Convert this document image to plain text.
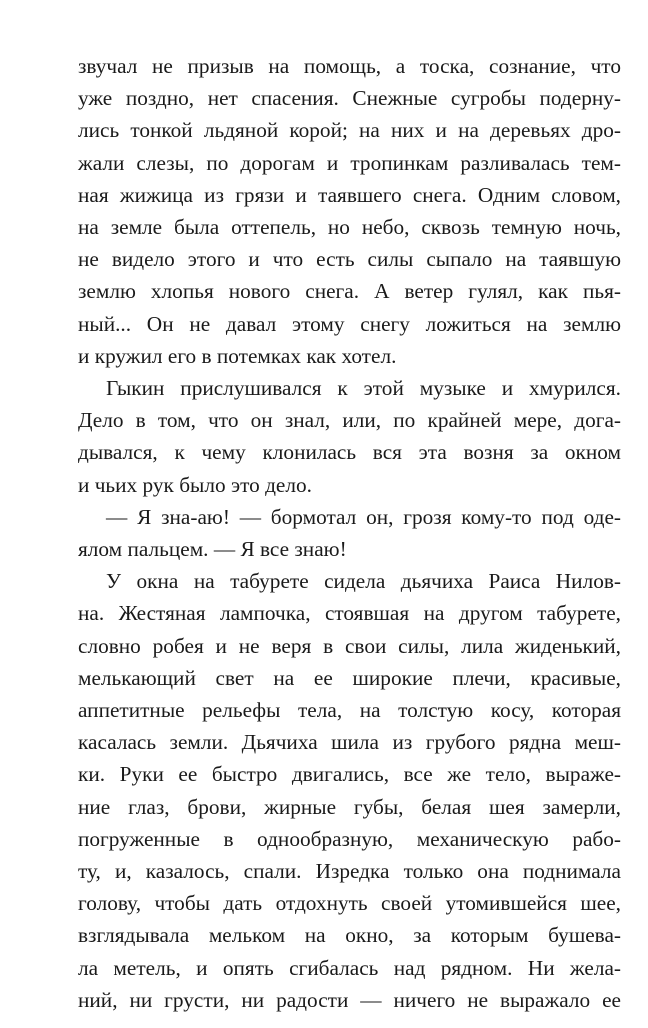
звучал не призыв на помощь, а тоска, сознание, что
уже поздно, нет спасения. Снежные сугробы подерну-
лись тонкой льдяной корой; на них и на деревьях дро-
жали слезы, по дорогам и тропинкам разливалась тем-
ная жижица из грязи и таявшего снега. Одним словом,
на земле была оттепель, но небо, сквозь темную ночь,
не видело этого и что есть силы сыпало на таявшую
землю хлопья нового снега. А ветер гулял, как пья-
ный... Он не давал этому снегу ложиться на землю
и кружил его в потемках как хотел.
Гыкин прислушивался к этой музыке и хмурился.
Дело в том, что он знал, или, по крайней мере, дога-
дывался, к чему клонилась вся эта возня за окном
и чьих рук было это дело.
— Я зна-аю! — бормотал он, грозя кому-то под оде-
ялом пальцем. — Я все знаю!
У окна на табурете сидела дьячиха Раиса Нилов-
на. Жестяная лампочка, стоявшая на другом табурете,
словно робея и не веря в свои силы, лила жиденький,
мелькающий свет на ее широкие плечи, красивые,
аппетитные рельефы тела, на толстую косу, которая
касалась земли. Дьячиха шила из грубого рядна меш-
ки. Руки ее быстро двигались, все же тело, выраже-
ние глаз, брови, жирные губы, белая шея замерли,
погруженные в однообразную, механическую рабо-
ту, и, казалось, спали. Изредка только она поднимала
голову, чтобы дать отдохнуть своей утомившейся шее,
взглядывала мельком на окно, за которым бушева-
ла метель, и опять сгибалась над рядном. Ни жела-
ний, ни грусти, ни радости — ничего не выражало ее
